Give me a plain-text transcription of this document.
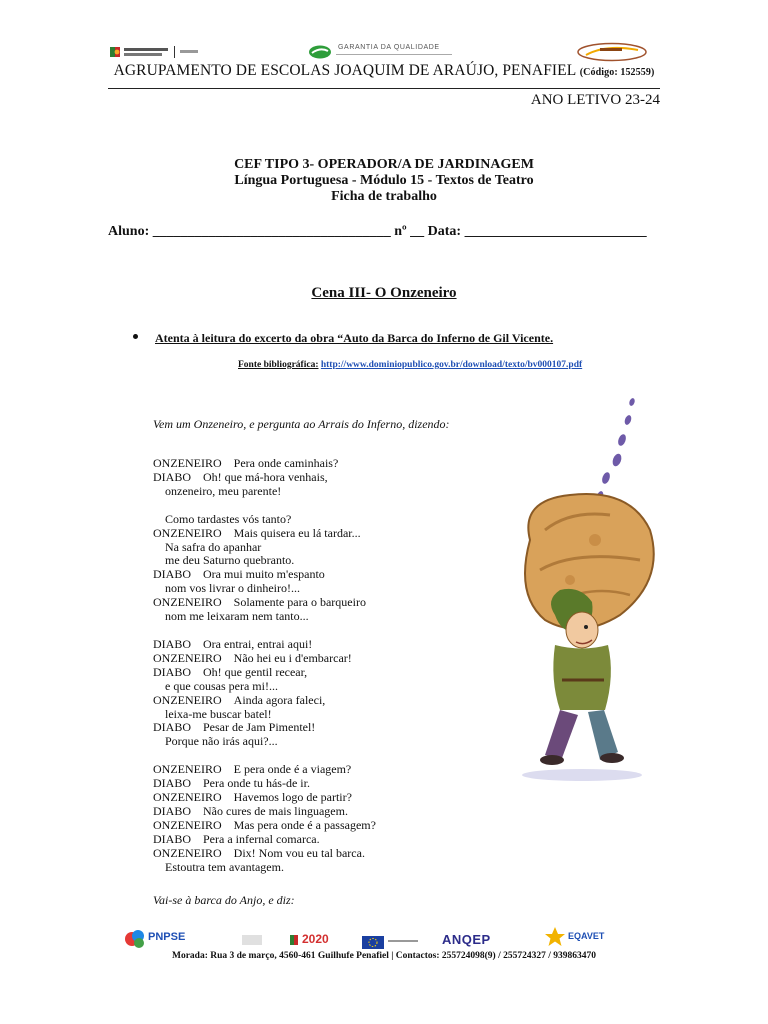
GARANTIA DA QUALIDADE
AGRUPAMENTO DE ESCOLAS JOAQUIM DE ARAÚJO, PENAFIEL (Código: 152559)
ANO LETIVO 23-24
CEF TIPO 3- OPERADOR/A DE JARDINAGEM
Língua Portuguesa - Módulo 15 - Textos de Teatro
Ficha de trabalho
Aluno: __________________________________ nº __ Data: __________________________
Cena III- O Onzeneiro
Atenta à leitura do excerto da obra “Auto da Barca do Inferno de Gil Vicente.
Fonte bibliográfica: http://www.dominiopublico.gov.br/download/texto/bv000107.pdf
Vem um Onzeneiro, e pergunta ao Arrais do Inferno, dizendo:
ONZENEIRO Pera onde caminhais?
DIABO Oh! que má-hora venhais,
onzeneiro, meu parente!
Como tardastes vós tanto?
ONZENEIRO Mais quisera eu lá tardar...
Na safra do apanhar
me deu Saturno quebranto.
DIABO Ora mui muito m'espanto
nom vos livrar o dinheiro!...
ONZENEIRO Solamente para o barqueiro
nom me leixaram nem tanto...
DIABO Ora entrai, entrai aqui!
ONZENEIRO Não hei eu i d'embarcar!
DIABO Oh! que gentil recear,
e que cousas pera mi!...
ONZENEIRO Ainda agora faleci,
leixa-me buscar batel!
DIABO Pesar de Jam Pimentel!
Porque não irás aqui?...
ONZENEIRO E pera onde é a viagem?
DIABO Pera onde tu hás-de ir.
ONZENEIRO Havemos logo de partir?
DIABO Não cures de mais linguagem.
ONZENEIRO Mas pera onde é a passagem?
DIABO Pera a infernal comarca.
ONZENEIRO Dix! Nom vou eu tal barca.
Estoutra tem avantagem.
Vai-se à barca do Anjo, e diz:
PNPSE	2020	ANQEP	EQAVET
Morada: Rua 3 de março, 4560-461 Guilhufe Penafiel | Contactos: 255724098(9) / 255724327 / 939863470
